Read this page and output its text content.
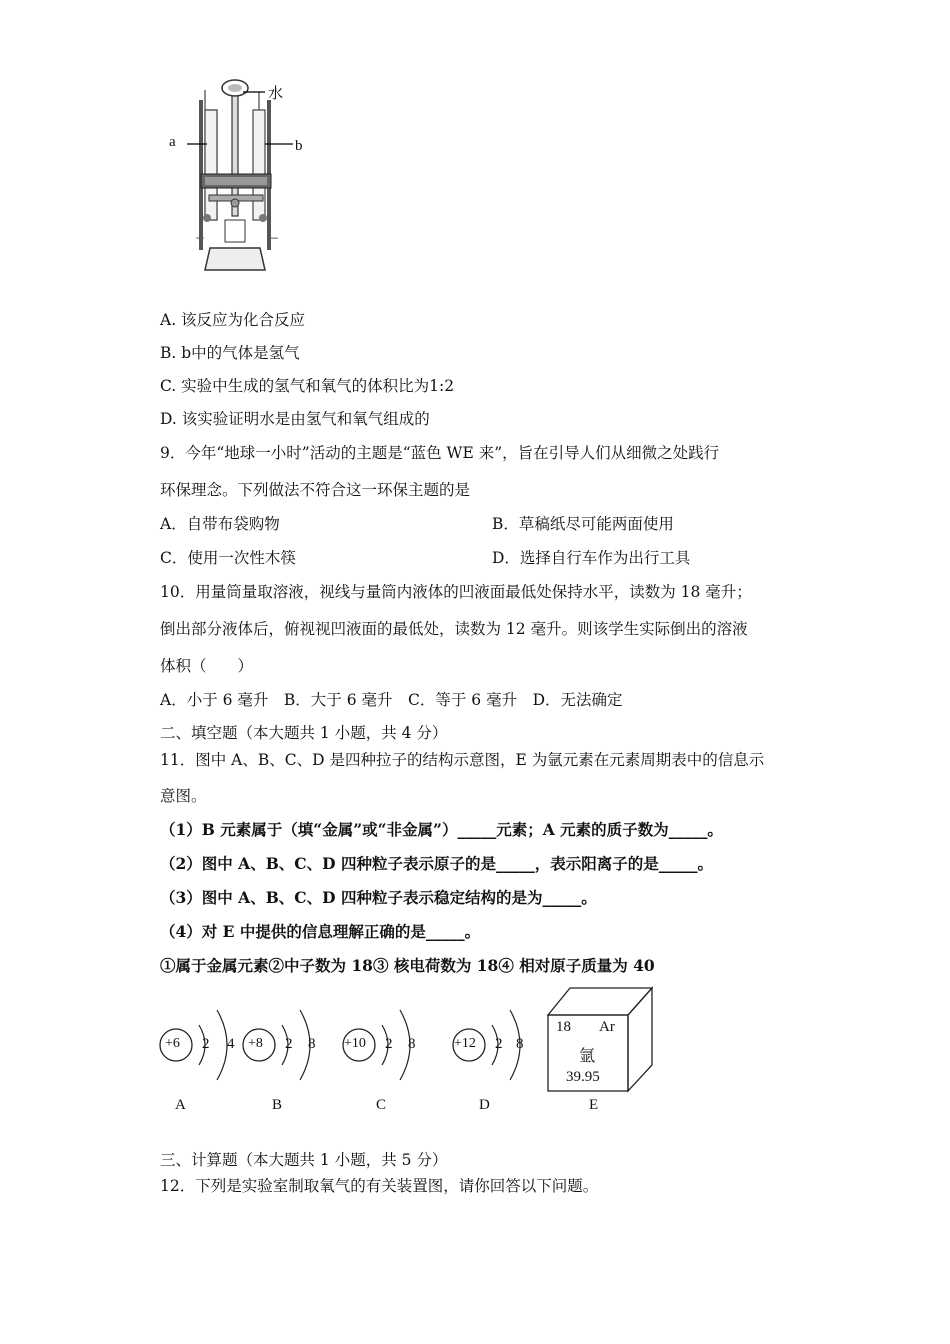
+	−
水
a	b
A. 该反应为化合反应
B. b中的气体是氢气
C. 实验中生成的氢气和氧气的体积比为1:2
D. 该实验证明水是由氢气和氧气组成的
9．今年“地球一小时”活动的主题是“蓝色 WE 来”，旨在引导人们从细微之处践行
环保理念。下列做法不符合这一环保主题的是
A．自带布袋购物	B．草稿纸尽可能两面使用
C．使用一次性木筷	D．选择自行车作为出行工具
10．用量筒量取溶液，视线与量筒内液体的凹液面最低处保持水平，读数为 18 毫升；
倒出部分液体后，俯视视凹液面的最低处，读数为 12 毫升。则该学生实际倒出的溶液
体积（　　）
A．小于 6 毫升　B．大于 6 毫升　C．等于 6 毫升　D．无法确定
二、填空题（本大题共 1 小题，共 4 分）
11．图中 A、B、C、D 是四种拉子的结构示意图，E 为氩元素在元素周期表中的信息示
意图。
（1）B 元素属于（填“金属”或“非金属”）_____元素；A 元素的质子数为_____。
（2）图中 A、B、C、D 四种粒子表示原子的是_____，表示阳离子的是_____。
（3）图中 A、B、C、D 四种粒子表示稳定结构的是为_____。
（4）对 E 中提供的信息理解正确的是_____。
①属于金属元素②中子数为 18③ 核电荷数为 18④ 相对原子质量为 40
+6 2 4
A
+8 2 8
B
+10 2 8
C
+12 2 8
D
18 Ar
氩
39.95
E
三、计算题（本大题共 1 小题，共 5 分）
12．下列是实验室制取氧气的有关装置图，请你回答以下问题。
